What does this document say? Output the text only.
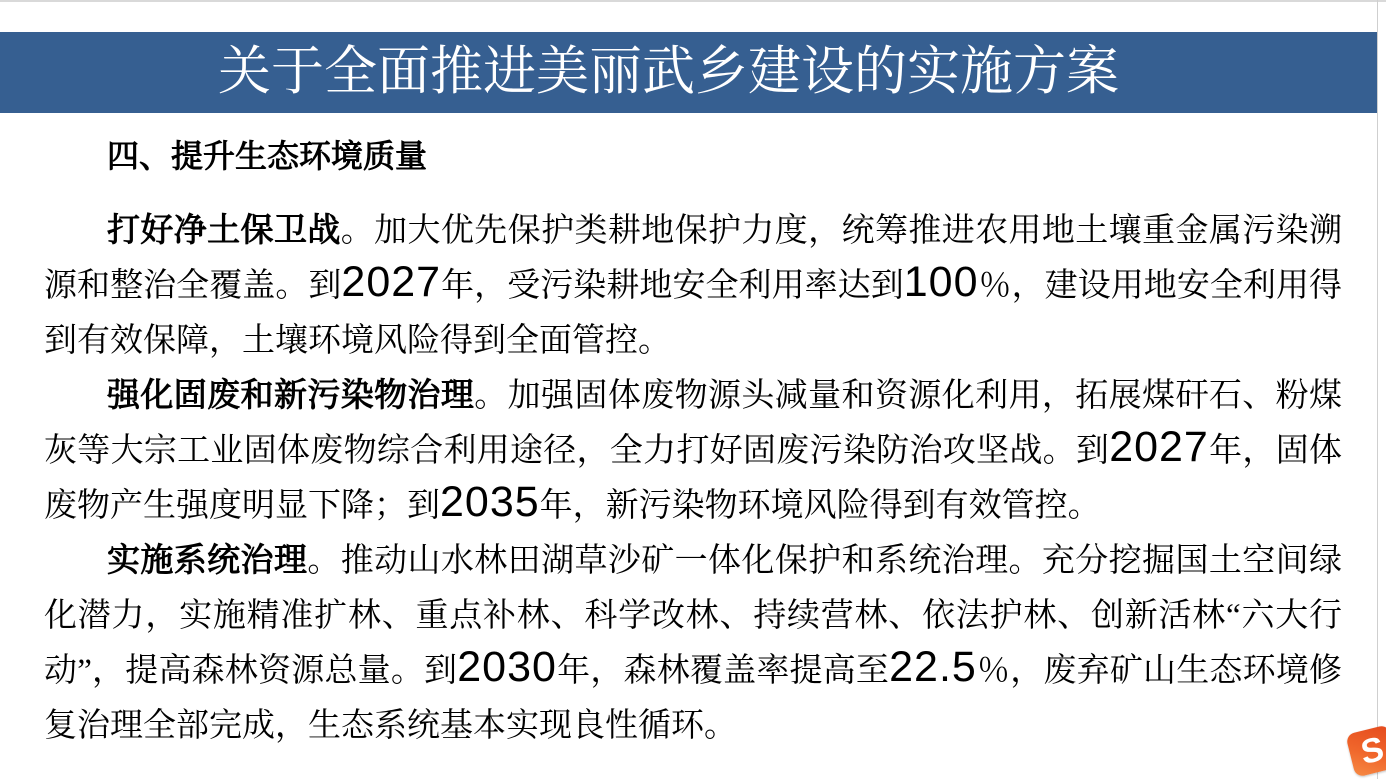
关于全面推进美丽武乡建设的实施方案
四、提升生态环境质量
打好净土保卫战。加大优先保护类耕地保护力度，统筹推进农用地土壤重金属污染溯源和整治全覆盖。到2027年，受污染耕地安全利用率达到100％，建设用地安全利用得到有效保障，土壤环境风险得到全面管控。
强化固废和新污染物治理。加强固体废物源头减量和资源化利用，拓展煤矸石、粉煤灰等大宗工业固体废物综合利用途径，全力打好固废污染防治攻坚战。到2027年，固体废物产生强度明显下降；到2035年，新污染物环境风险得到有效管控。
实施系统治理。推动山水林田湖草沙矿一体化保护和系统治理。充分挖掘国土空间绿化潜力，实施精准扩林、重点补林、科学改林、持续营林、依法护林、创新活林“六大行动”，提高森林资源总量。到2030年，森林覆盖率提高至22.5％，废弃矿山生态环境修复治理全部完成，生态系统基本实现良性循环。
S
